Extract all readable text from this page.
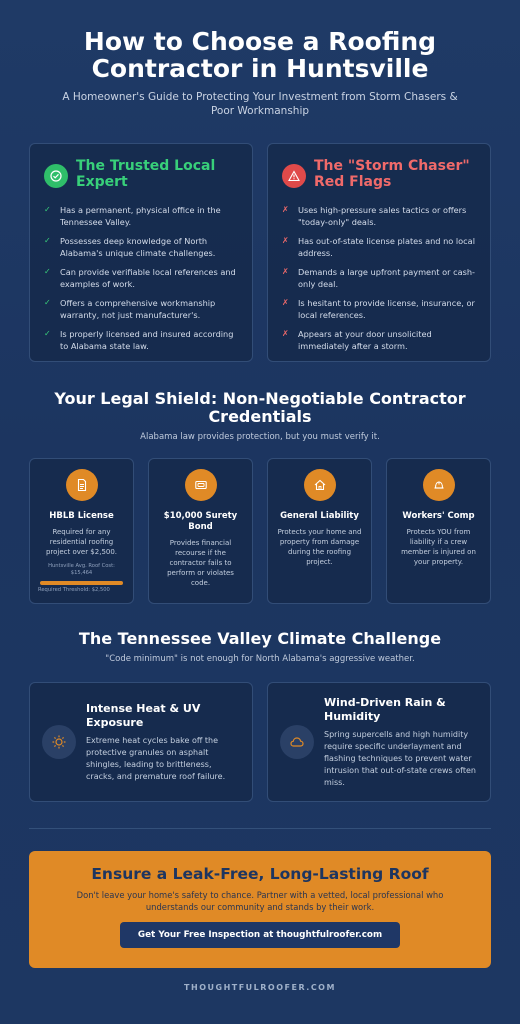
How to Choose a Roofing Contractor in Huntsville

A Homeowner's Guide to Protecting Your Investment from Storm Chasers & Poor Workmanship

The Trusted Local Expert
✓ Has a permanent, physical office in the Tennessee Valley.
✓ Possesses deep knowledge of North Alabama's unique climate challenges.
✓ Can provide verifiable local references and examples of work.
✓ Offers a comprehensive workmanship warranty, not just manufacturer's.
✓ Is properly licensed and insured according to Alabama state law.
The "Storm Chaser" Red Flags
✗ Uses high-pressure sales tactics or offers "today-only" deals.
✗ Has out-of-state license plates and no local address.
✗ Demands a large upfront payment or cash-only deal.
✗ Is hesitant to provide license, insurance, or local references.
✗ Appears at your door unsolicited immediately after a storm.
Your Legal Shield: Non-Negotiable Contractor Credentials

Alabama law provides protection, but you must verify it.

HBLB License
Required for any residential roofing project over $2,500.
Huntsville Avg. Roof Cost: $15,464
Required Threshold: $2,500
$10,000 Surety Bond
Provides financial recourse if the contractor fails to perform or violates code.
General Liability
Protects your home and property from damage during the roofing project.
Workers' Comp
Protects YOU from liability if a crew member is injured on your property.
The Tennessee Valley Climate Challenge

"Code minimum" is not enough for North Alabama's aggressive weather.

Intense Heat & UV Exposure
Extreme heat cycles bake off the protective granules on asphalt shingles, leading to brittleness, cracks, and premature roof failure.
Wind-Driven Rain & Humidity
Spring supercells and high humidity require specific underlayment and flashing techniques to prevent water intrusion that out-of-state crews often miss.
Ensure a Leak-Free, Long-Lasting Roof
Don't leave your home's safety to chance. Partner with a vetted, local professional who understands our community and stands by their work.
Get Your Free Inspection at thoughtfulroofer.com
THOUGHTFULROOFER.COM
